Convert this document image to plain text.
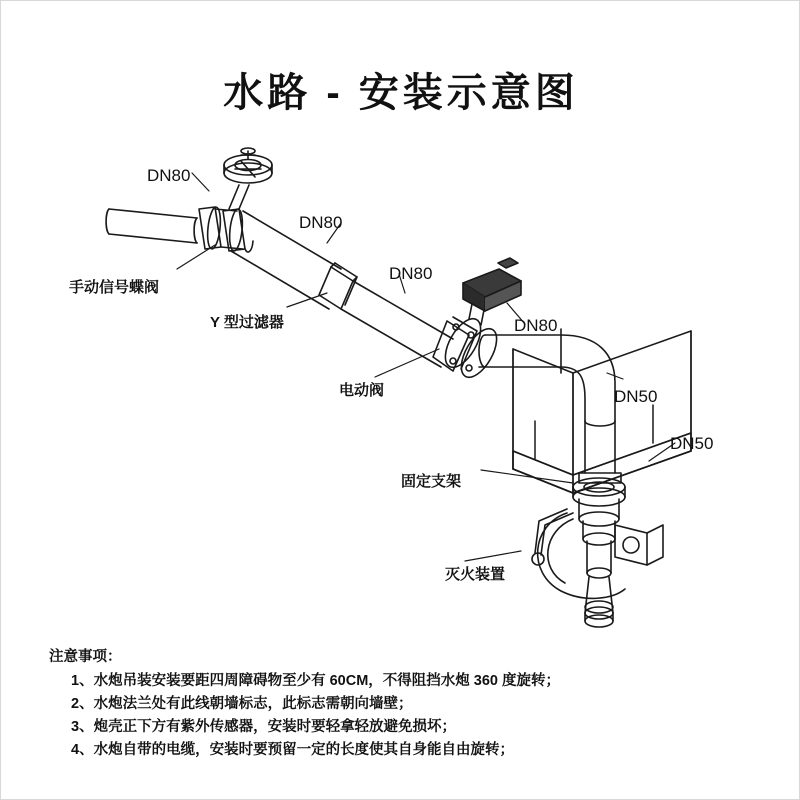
水路 - 安装示意图
DN80
DN80
DN80
DN80
DN50
DN50
手动信号蝶阀
Y 型过滤器
电动阀
固定支架
灭火装置
注意事项：
1、水炮吊装安装要距四周障碍物至少有 60CM，不得阻挡水炮 360 度旋转；
2、水炮法兰处有此线朝墙标志，此标志需朝向墙壁；
3、炮壳正下方有紫外传感器，安装时要轻拿轻放避免损坏；
4、水炮自带的电缆，安装时要预留一定的长度使其自身能自由旋转；
